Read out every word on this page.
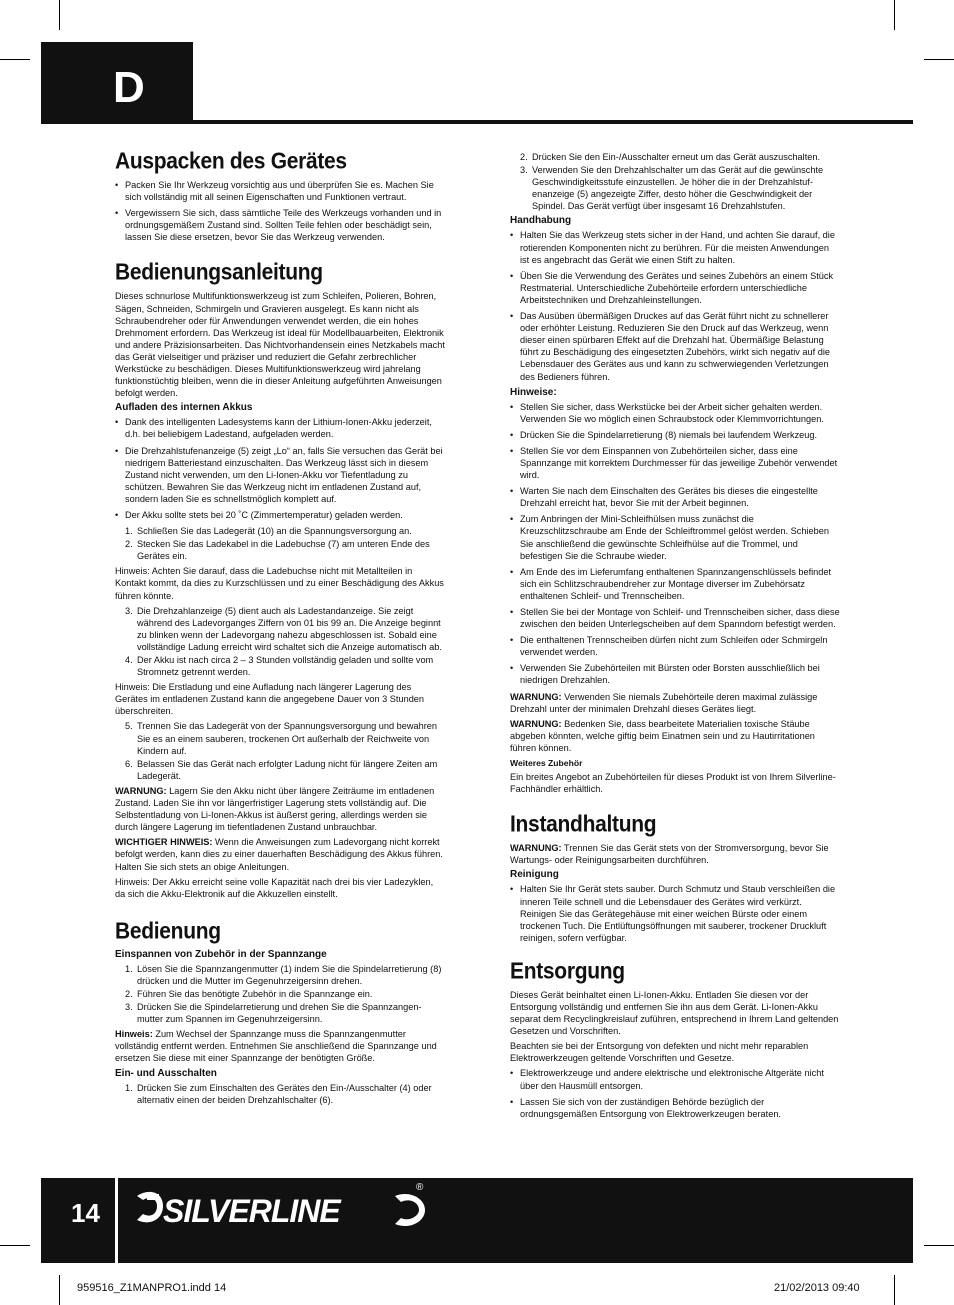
D
Auspacken des Gerätes
• Packen Sie Ihr Werkzeug vorsichtig aus und überprüfen Sie es. Machen Sie sich vollständig mit all seinen Eigenschaften und Funktionen vertraut.
• Vergewissern Sie sich, dass sämtliche Teile des Werkzeugs vorhanden und in ordnungsgemäßem Zustand sind. Sollten Teile fehlen oder beschädigt sein, lassen Sie diese ersetzen, bevor Sie das Werkzeug verwenden.
Bedienungsanleitung

Dieses schnurlose Multifunktionswerkzeug ist zum Schleifen, Polieren, Bohren, Sägen, Schneiden, Schmirgeln und Gravieren ausgelegt. Es kann nicht als Schraubendreher oder für Anwendungen verwendet werden, die ein hohes Drehmoment erfordern. Das Werkzeug ist ideal für Modellbauarbeiten, Elektronik und andere Präzisionsarbeiten. Das Nichtvorhandensein eines Netzkabels macht das Gerät vielseitiger und präziser und reduziert die Gefahr zerbrechlicher Werkstücke zu beschädigen. Dieses Multifunktionswerkzeug wird jahrelang funktionstüchtig bleiben, wenn die in dieser Anleitung aufgeführten Anweisungen befolgt werden.

Aufladen des internen Akkus
• Dank des intelligenten Ladesystems kann der Lithium-Ionen-Akku jederzeit, d.h. bei beliebigem Ladestand, aufgeladen werden.
• Die Drehzahlstufenanzeige (5) zeigt „Lo“ an, falls Sie versuchen das Gerät bei niedrigem Batteriestand einzuschalten. Das Werkzeug lässt sich in diesem Zustand nicht verwenden, um den Li-Ionen-Akku vor Tiefentladung zu schützen. Bewahren Sie das Werkzeug nicht im entladenen Zustand auf, sondern laden Sie es schnellstmöglich komplett auf.
• Der Akku sollte stets bei 20 ˚C (Zimmertemperatur) geladen werden.
1. Schließen Sie das Ladegerät (10) an die Spannungsversorgung an.
2. Stecken Sie das Ladekabel in die Ladebuchse (7) am unteren Ende des Gerätes ein.

Hinweis: Achten Sie darauf, dass die Ladebuchse nicht mit Metallteilen in Kontakt kommt, da dies zu Kurzschlüssen und zu einer Beschädigung des Akkus führen könnte.

3. Die Drehzahlanzeige (5) dient auch als Ladestandanzeige. Sie zeigt während des Ladevorganges Ziffern von 01 bis 99 an. Die Anzeige beginnt zu blinken wenn der Ladevorgang nahezu abgeschlossen ist. Sobald eine vollständige Ladung erreicht wird schaltet sich die Anzeige automatisch ab.
4. Der Akku ist nach circa 2 – 3 Stunden vollständig geladen und sollte vom Stromnetz getrennt werden.

Hinweis: Die Erstladung und eine Aufladung nach längerer Lagerung des Gerätes im entladenen Zustand kann die angegebene Dauer von 3 Stunden überschreiten.

5. Trennen Sie das Ladegerät von der Spannungsversorgung und bewahren Sie es an einem sauberen, trockenen Ort außerhalb der Reichweite von Kindern auf.
6. Belassen Sie das Gerät nach erfolgter Ladung nicht für längere Zeiten am Ladegerät.

WARNUNG: Lagern Sie den Akku nicht über längere Zeiträume im entladenen Zustand. Laden Sie ihn vor längerfristiger Lagerung stets vollständig auf. Die Selbstentladung von Li-Ionen-Akkus ist äußerst gering, allerdings werden sie durch längere Lagerung im tiefentladenen Zustand unbrauchbar.

WICHTIGER HINWEIS: Wenn die Anweisungen zum Ladevorgang nicht korrekt befolgt werden, kann dies zu einer dauerhaften Beschädigung des Akkus führen. Halten Sie sich stets an obige Anleitungen.

Hinweis: Der Akku erreicht seine volle Kapazität nach drei bis vier Ladezyklen, da sich die Akku-Elektronik auf die Akkuzellen einstellt.

Bedienung
Einspannen von Zubehör in der Spannzange
1. Lösen Sie die Spannzangenmutter (1) indem Sie die Spindelarretierung (8) drücken und die Mutter im Gegenuhrzeigersinn drehen.
2. Führen Sie das benötigte Zubehör in die Spannzange ein.
3. Drücken Sie die Spindelarretierung und drehen Sie die Spannzangen-mutter zum Spannen im Gegenuhrzeigersinn.

Hinweis: Zum Wechsel der Spannzange muss die Spannzangenmutter vollständig entfernt werden. Entnehmen Sie anschließend die Spannzange und ersetzen Sie diese mit einer Spannzange der benötigten Größe.

Ein- und Ausschalten
1. Drücken Sie zum Einschalten des Gerätes den Ein-/Ausschalter (4) oder alternativ einen der beiden Drehzahlschalter (6).
2. Drücken Sie den Ein-/Ausschalter erneut um das Gerät auszuschalten.
3. Verwenden Sie den Drehzahlschalter um das Gerät auf die gewünschte Geschwindigkeitsstufe einzustellen. Je höher die in der Drehzahlstuf-enanzeige (5) angezeigte Ziffer, desto höher die Geschwindigkeit der Spindel. Das Gerät verfügt über insgesamt 16 Drehzahlstufen.
Handhabung
• Halten Sie das Werkzeug stets sicher in der Hand, und achten Sie darauf, die rotierenden Komponenten nicht zu berühren. Für die meisten Anwendungen ist es angebracht das Gerät wie einen Stift zu halten.
• Üben Sie die Verwendung des Gerätes und seines Zubehörs an einem Stück Restmaterial. Unterschiedliche Zubehörteile erfordern unterschiedliche Arbeitstechniken und Drehzahleinstellungen.
• Das Ausüben übermäßigen Druckes auf das Gerät führt nicht zu schnellerer oder erhöhter Leistung. Reduzieren Sie den Druck auf das Werkzeug, wenn dieser einen spürbaren Effekt auf die Drehzahl hat. Übermäßige Belastung führt zu Beschädigung des eingesetzten Zubehörs, wirkt sich negativ auf die Lebensdauer des Gerätes aus und kann zu schwerwiegenden Verletzungen des Bedieners führen.
Hinweise:
• Stellen Sie sicher, dass Werkstücke bei der Arbeit sicher gehalten werden. Verwenden Sie wo möglich einen Schraubstock oder Klemmvorrichtungen.
• Drücken Sie die Spindelarretierung (8) niemals bei laufendem Werkzeug.
• Stellen Sie vor dem Einspannen von Zubehörteilen sicher, dass eine Spannzange mit korrektem Durchmesser für das jeweilige Zubehör verwendet wird.
• Warten Sie nach dem Einschalten des Gerätes bis dieses die eingestellte Drehzahl erreicht hat, bevor Sie mit der Arbeit beginnen.
• Zum Anbringen der Mini-Schleifhülsen muss zunächst die Kreuzschlitzschraube am Ende der Schleiftrommel gelöst werden. Schieben Sie anschließend die gewünschte Schleifhülse auf die Trommel, und befestigen Sie die Schraube wieder.
• Am Ende des im Lieferumfang enthaltenen Spannzangenschlüssels befindet sich ein Schlitzschraubendreher zur Montage diverser im Zubehörsatz enthaltenen Schleif- und Trennscheiben.
• Stellen Sie bei der Montage von Schleif- und Trennscheiben sicher, dass diese zwischen den beiden Unterlegscheiben auf dem Spanndorn befestigt werden.
• Die enthaltenen Trennscheiben dürfen nicht zum Schleifen oder Schmirgeln verwendet werden.
• Verwenden Sie Zubehörteilen mit Bürsten oder Borsten ausschließlich bei niedrigen Drehzahlen.

WARNUNG: Verwenden Sie niemals Zubehörteile deren maximal zulässige Drehzahl unter der minimalen Drehzahl dieses Gerätes liegt.

WARNUNG: Bedenken Sie, dass bearbeitete Materialien toxische Stäube abgeben könnten, welche giftig beim Einatmen sein und zu Hautirritationen führen können.

Weiteres Zubehör

Ein breites Angebot an Zubehörteilen für dieses Produkt ist von Ihrem Silverline-Fachhändler erhältlich.

Instandhaltung

WARNUNG: Trennen Sie das Gerät stets von der Stromversorgung, bevor Sie Wartungs- oder Reinigungsarbeiten durchführen.

Reinigung
• Halten Sie Ihr Gerät stets sauber. Durch Schmutz und Staub verschleißen die inneren Teile schnell und die Lebensdauer des Gerätes wird verkürzt. Reinigen Sie das Gerätegehäuse mit einer weichen Bürste oder einem trockenen Tuch. Die Entlüftungsöffnungen mit sauberer, trockener Druckluft reinigen, sofern verfügbar.
Entsorgung

Dieses Gerät beinhaltet einen Li-Ionen-Akku. Entladen Sie diesen vor der Entsorgung vollständig und entfernen Sie ihn aus dem Gerät. Li-Ionen-Akku separat dem Recyclingkreislauf zuführen, entsprechend in Ihrem Land geltenden Gesetzen und Vorschriften.

Beachten sie bei der Entsorgung von defekten und nicht mehr reparablen Elektrowerkzeugen geltende Vorschriften und Gesetze.

• Elektrowerkzeuge und andere elektrische und elektronische Altgeräte nicht über den Hausmüll entsorgen.
• Lassen Sie sich von der zuständigen Behörde bezüglich der ordnungsgemäßen Entsorgung von Elektrowerkzeugen beraten.
14 SILVERLINE
®
959516_Z1MANPRO1.indd 14	21/02/2013 09:40
